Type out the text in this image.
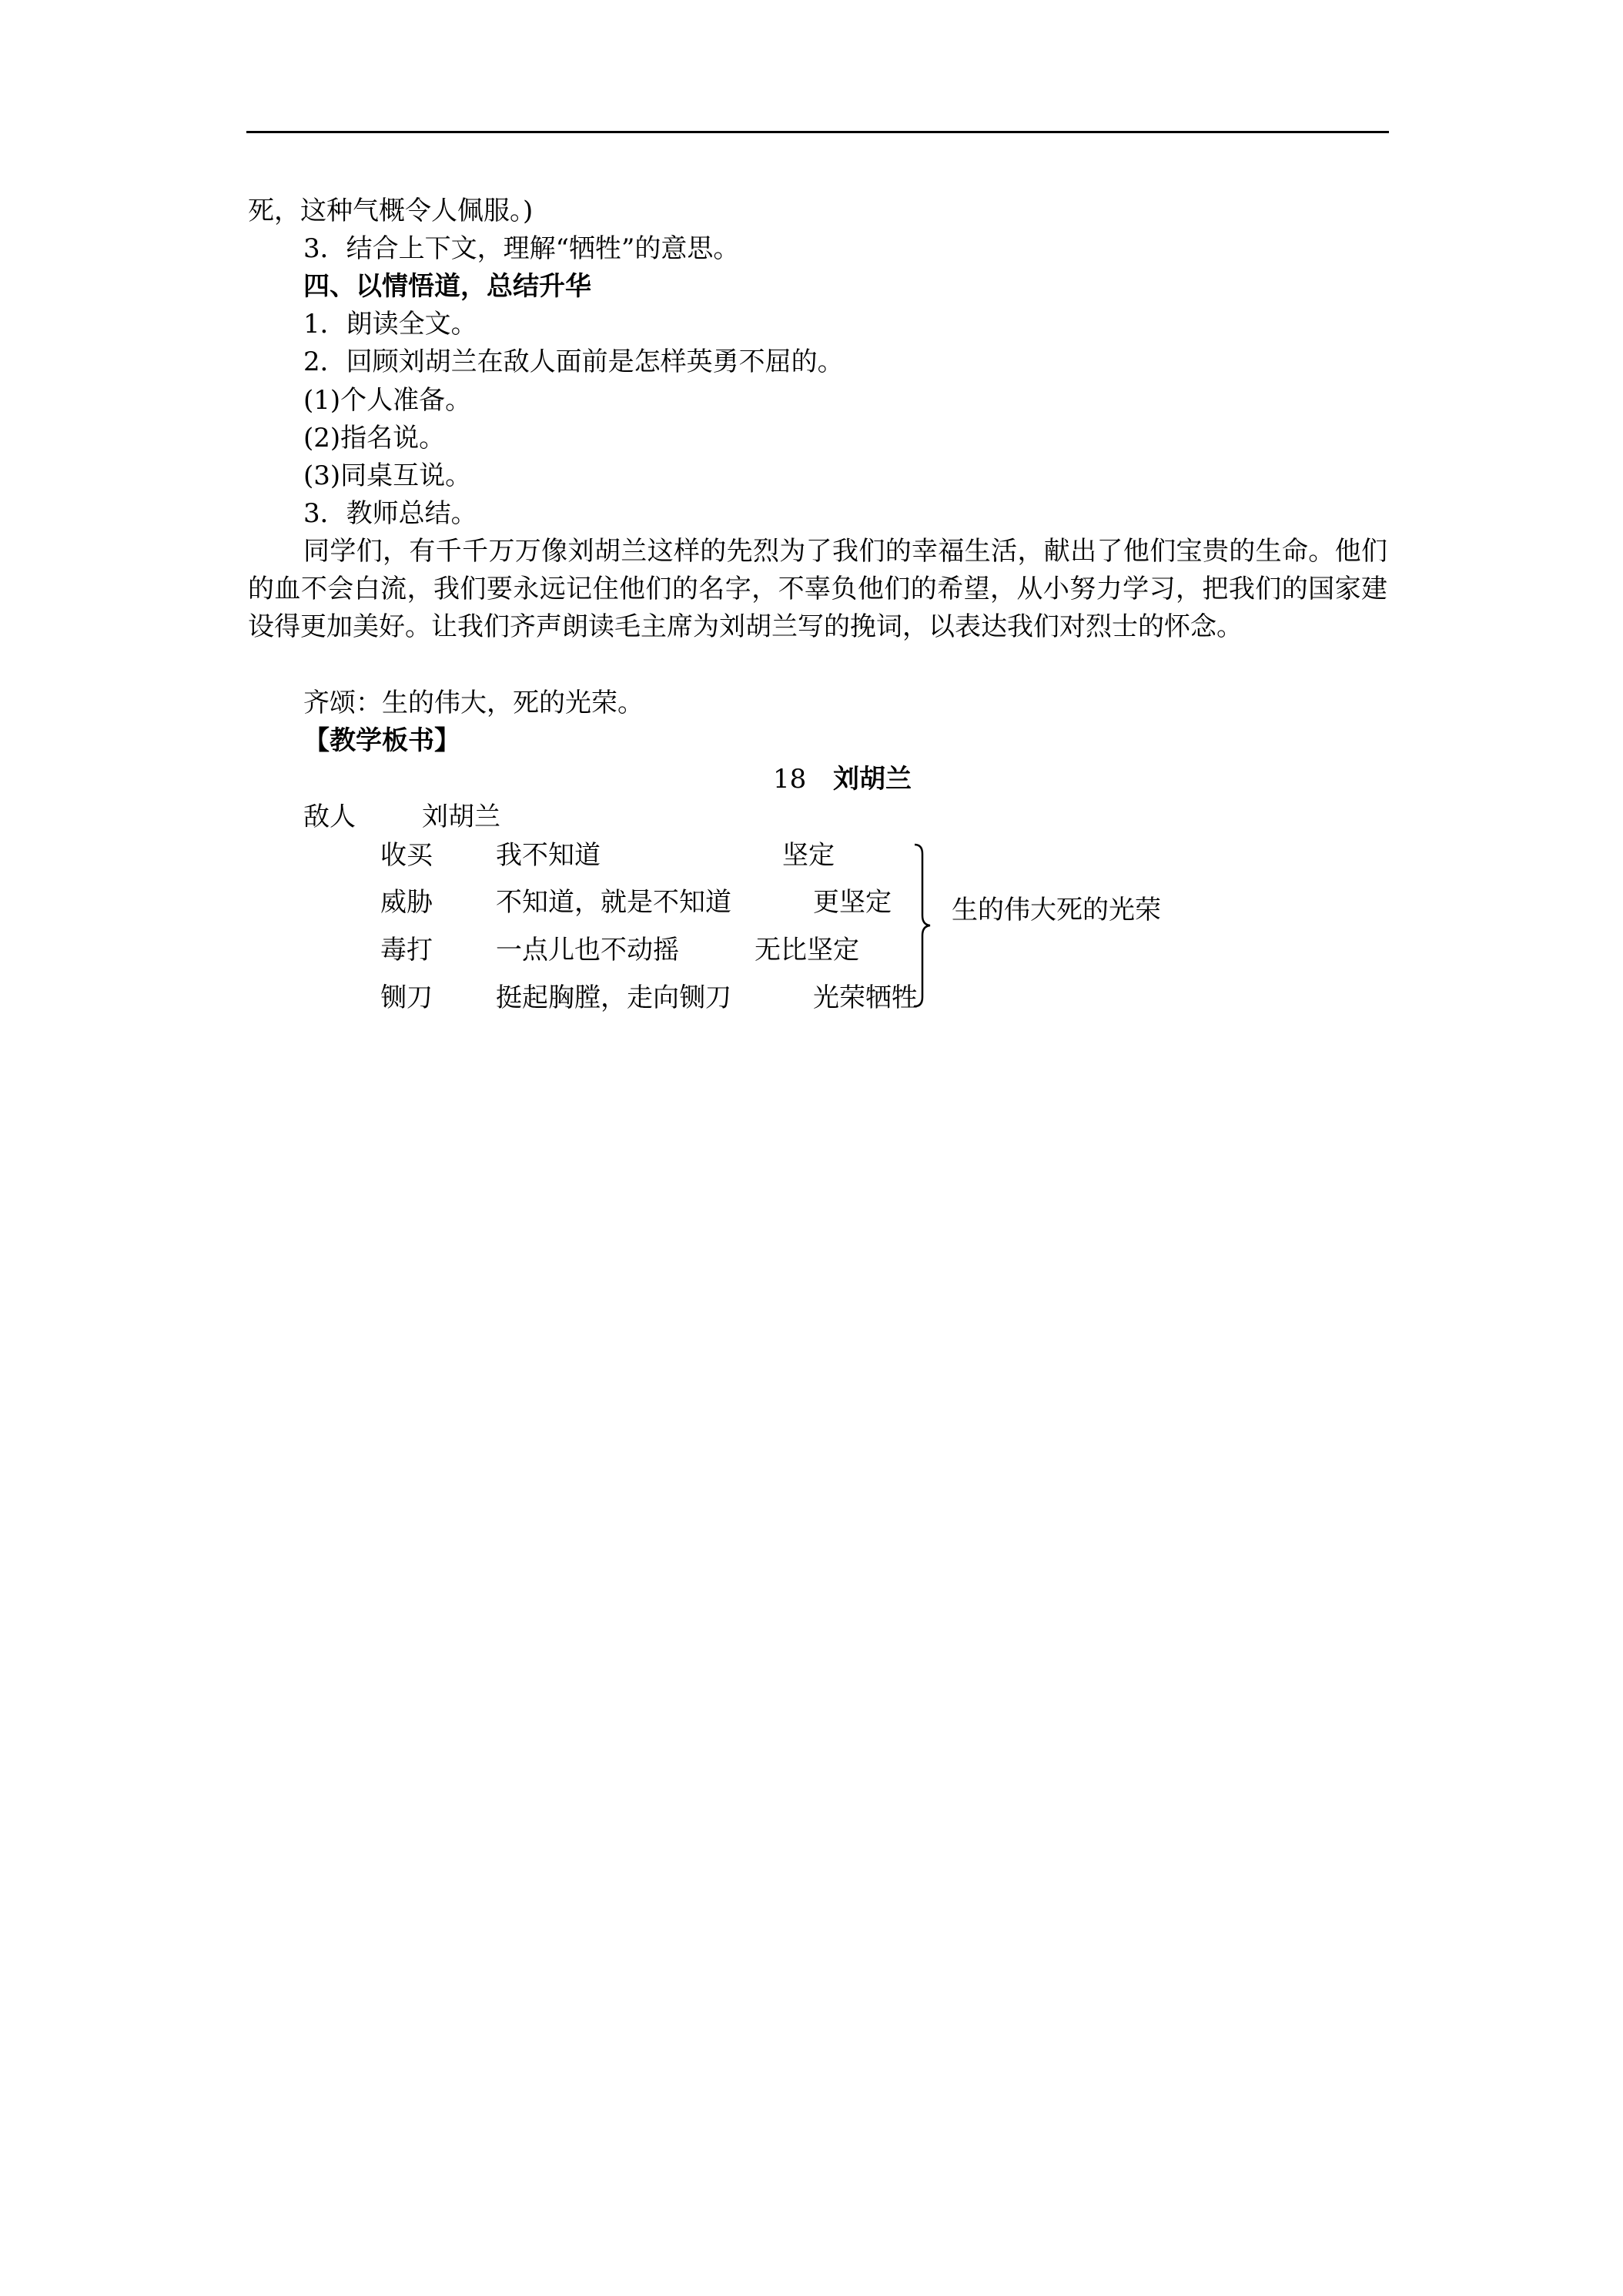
死，这种气概令人佩服。)
3．结合上下文，理解“牺牲”的意思。
四、以情悟道，总结升华
1．朗读全文。
2．回顾刘胡兰在敌人面前是怎样英勇不屈的。
(1)个人准备。
(2)指名说。
(3)同桌互说。
3．教师总结。
同学们，有千千万万像刘胡兰这样的先烈为了我们的幸福生活，献出了他们宝贵的生命。他们的血不会白流，我们要永远记住他们的名字，不辜负他们的希望，从小努力学习，把我们的国家建设得更加美好。让我们齐声朗读毛主席为刘胡兰写的挽词，以表达我们对烈士的怀念。
齐颂：生的伟大，死的光荣。
【教学板书】
18 刘胡兰
敌人	刘胡兰
收买 我不知道	坚定
威胁 不知道，就是不知道	更坚定
毒打 一点儿也不动摇	无比坚定
铡刀 挺起胸膛，走向铡刀	光荣牺牲
生的伟大死的光荣
